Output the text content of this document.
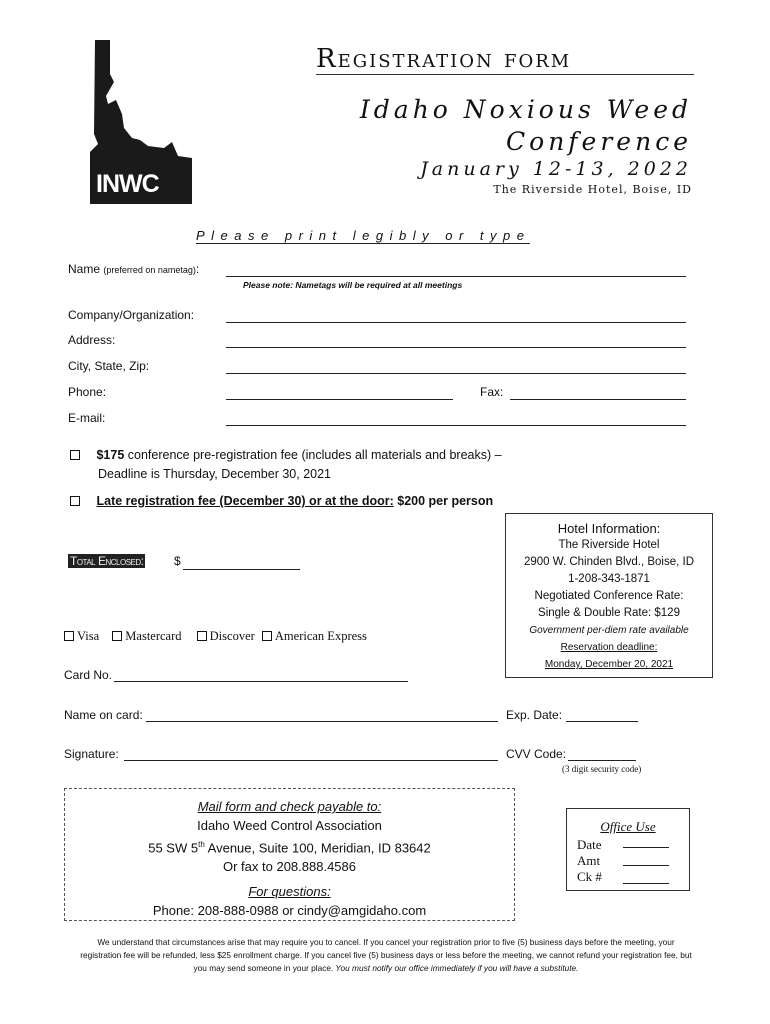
INWC
Registration form
Idaho Noxious Weed
Conference
January 12-13, 2022
The Riverside Hotel, Boise, ID
Please print legibly or type
Name (preferred on nametag):
Please note: Nametags will be required at all meetings
Company/Organization:
Address:
City, State, Zip:
Phone:	Fax:
E-mail:
$175 conference pre-registration fee (includes all materials and breaks) –
Deadline is Thursday, December 30, 2021
Late registration fee (December 30) or at the door: $200 per person
Total Enclosed:	$
Hotel Information:
The Riverside Hotel
2900 W. Chinden Blvd., Boise, ID
1-208-343-1871
Negotiated Conference Rate:
Single & Double Rate: $129
Government per-diem rate available
Reservation deadline:
Monday, December 20, 2021
Visa Mastercard Discover American Express
Card No.
Name on card:	Exp. Date:
Signature:	CVV Code:
(3 digit security code)
Mail form and check payable to:
Idaho Weed Control Association
55 SW 5th Avenue, Suite 100, Meridian, ID 83642
Or fax to 208.888.4586
For questions:
Phone: 208-888-0988 or cindy@amgidaho.com
Office Use
Date
Amt
Ck #
We understand that circumstances arise that may require you to cancel. If you cancel your registration prior to five (5) business days before the meeting, your registration fee will be refunded, less $25 enrollment charge. If you cancel five (5) business days or less before the meeting, we cannot refund your registration fee, but you may send someone in your place. You must notify our office immediately if you will have a substitute.
